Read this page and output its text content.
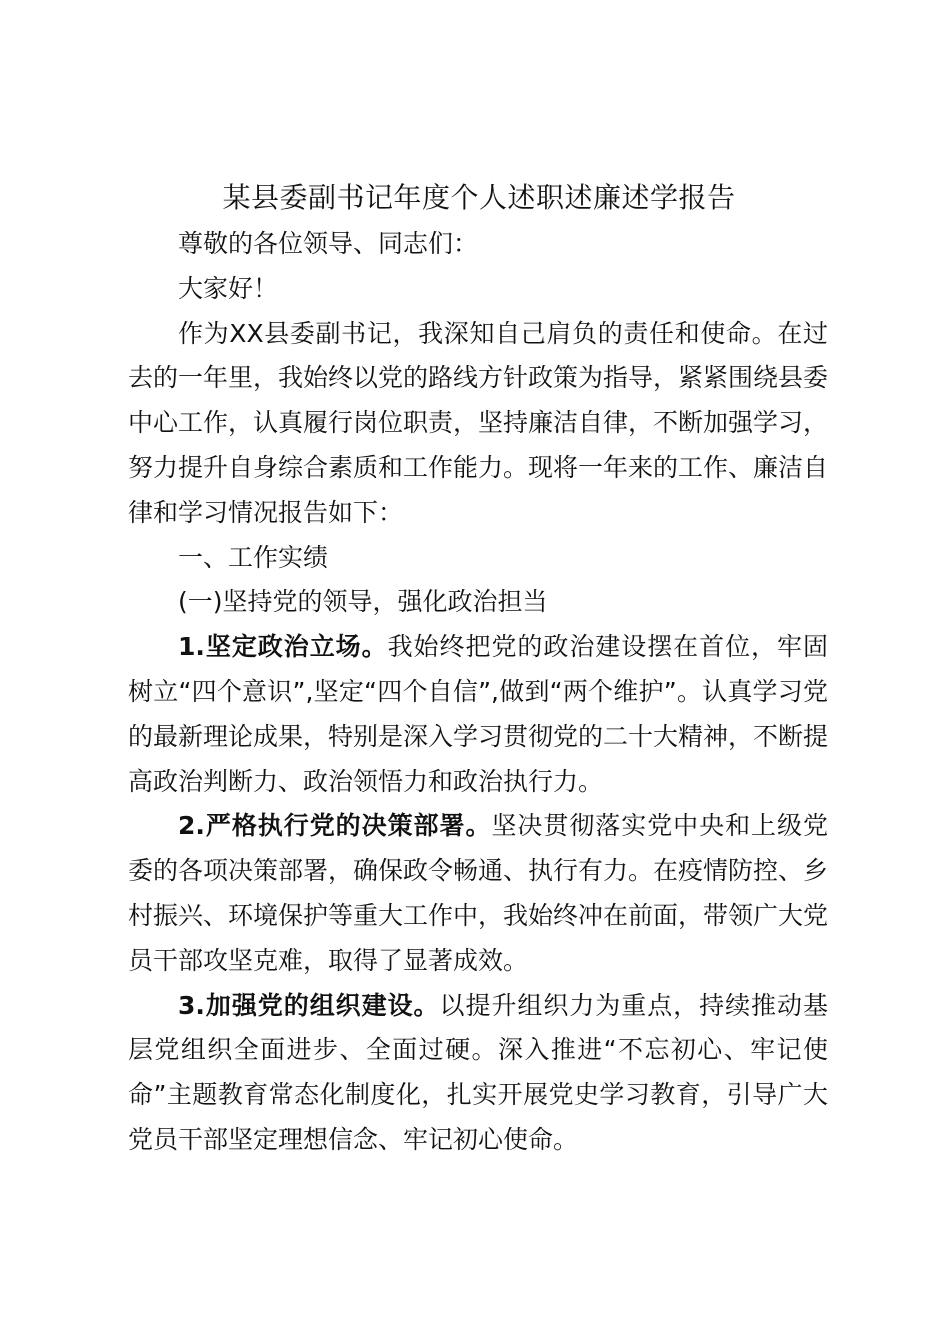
某县委副书记年度个人述职述廉述学报告

尊敬的各位领导、同志们：

大家好！

作为XX县委副书记，我深知自己肩负的责任和使命。在过去的一年里，我始终以党的路线方针政策为指导，紧紧围绕县委中心工作，认真履行岗位职责，坚持廉洁自律，不断加强学习，努力提升自身综合素质和工作能力。现将一年来的工作、廉洁自律和学习情况报告如下：

一、工作实绩

(一)坚持党的领导，强化政治担当

1.坚定政治立场。我始终把党的政治建设摆在首位，牢固树立“四个意识”,坚定“四个自信”,做到“两个维护”。认真学习党的最新理论成果，特别是深入学习贯彻党的二十大精神，不断提高政治判断力、政治领悟力和政治执行力。

2.严格执行党的决策部署。坚决贯彻落实党中央和上级党委的各项决策部署，确保政令畅通、执行有力。在疫情防控、乡村振兴、环境保护等重大工作中，我始终冲在前面，带领广大党员干部攻坚克难，取得了显著成效。

3.加强党的组织建设。以提升组织力为重点，持续推动基层党组织全面进步、全面过硬。深入推进“不忘初心、牢记使命”主题教育常态化制度化，扎实开展党史学习教育，引导广大党员干部坚定理想信念、牢记初心使命。
